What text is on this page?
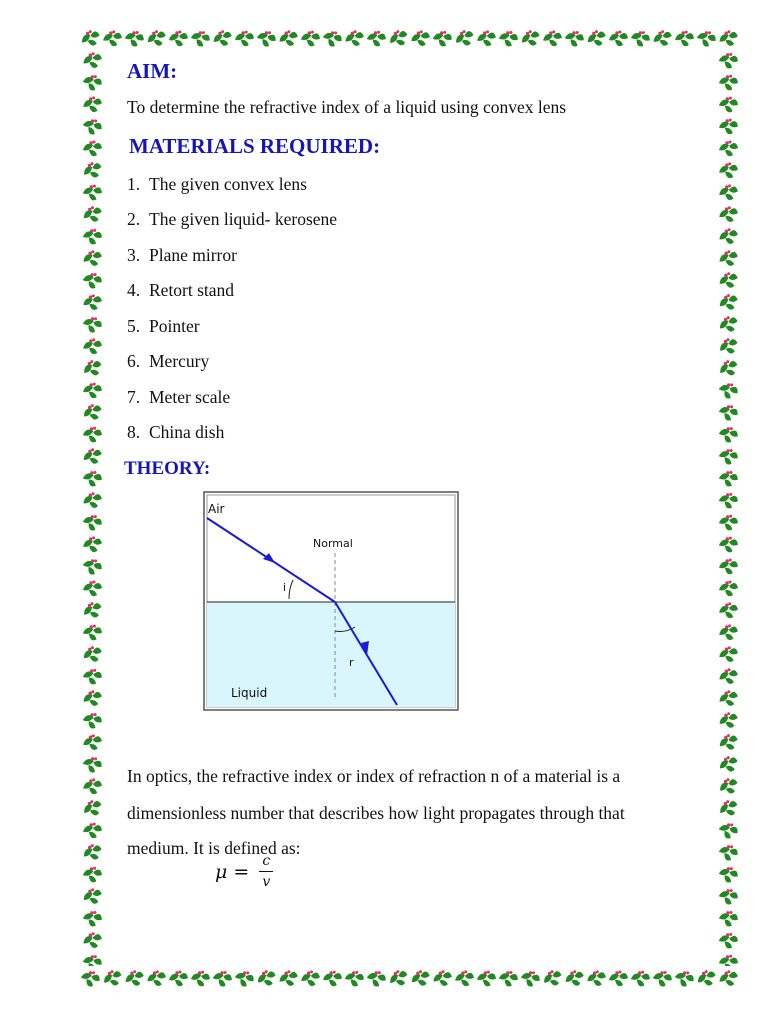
AIM:

To determine the refractive index of a liquid using convex lens

MATERIALS REQUIRED:
1. The given convex lens
2. The given liquid- kerosene
3. Plane mirror
4. Retort stand
5. Pointer
6. Mercury
7. Meter scale
8. China dish
THEORY:
Air
Normal
i
r
Liquid

In optics, the refractive index or index of refraction n of a material is a

dimensionless number that describes how light propagates through that

medium. It is defined as:

$\mu = \frac{c}{v}$
